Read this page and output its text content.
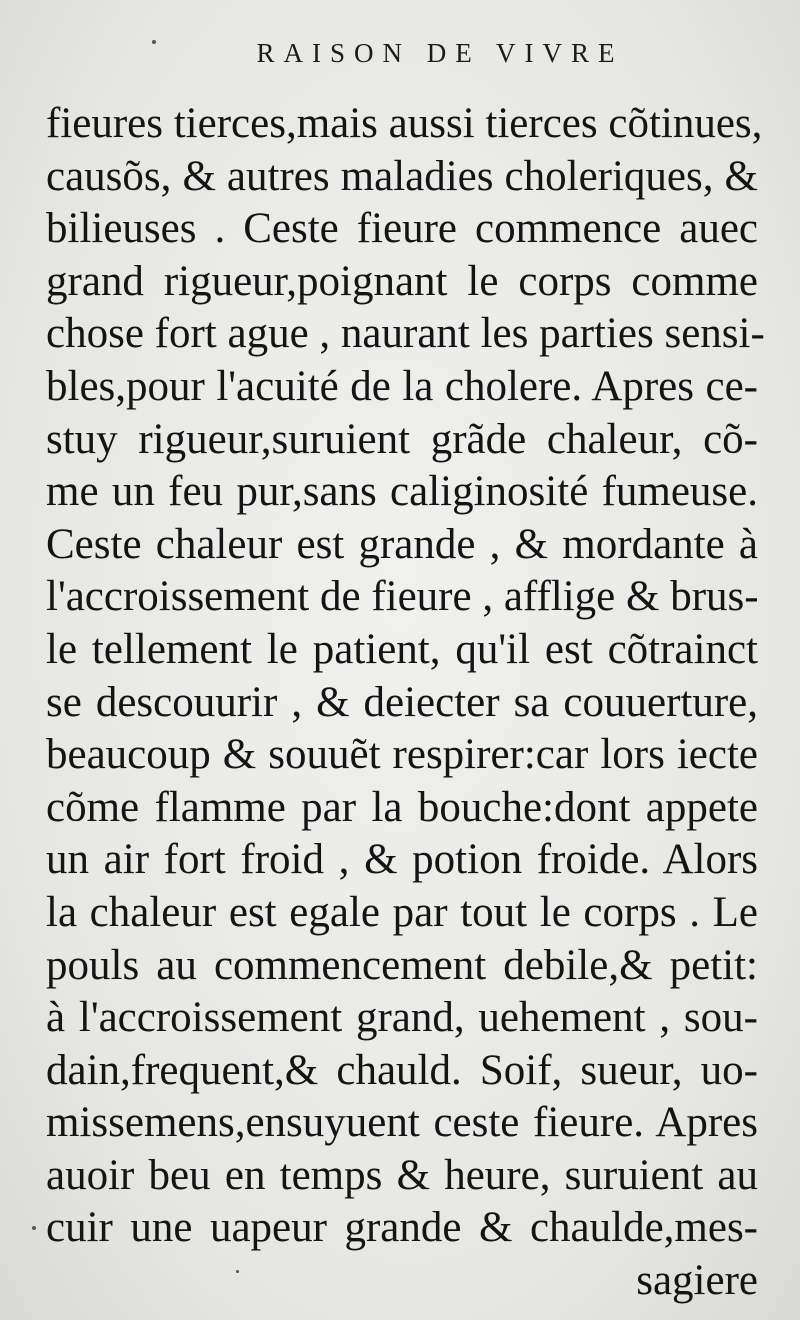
RAISON DE VIVRE
fieures tierces,mais aussi tierces cõtinues,
causõs, & autres maladies choleriques, &
bilieuses . Ceste fieure commence auec
grand rigueur,poignant le corps comme
chose fort ague , naurant les parties sensi-
bles,pour l'acuité de la cholere. Apres ce-
stuy rigueur,suruient grãde chaleur, cõ-
me un feu pur,sans caliginosité fumeuse.
Ceste chaleur est grande , & mordante à
l'accroissement de fieure , afflige & brus-
le tellement le patient, qu'il est cõtrainct
se descouurir , & deiecter sa couuerture,
beaucoup & souuẽt respirer:car lors iecte
cõme flamme par la bouche:dont appete
un air fort froid , & potion froide. Alors
la chaleur est egale par tout le corps . Le
pouls au commencement debile,& petit:
à l'accroissement grand, uehement , sou-
dain,frequent,& chauld. Soif, sueur, uo-
missemens,ensuyuent ceste fieure. Apres
auoir beu en temps & heure, suruient au
cuir une uapeur grande & chaulde,mes-
sagiere
